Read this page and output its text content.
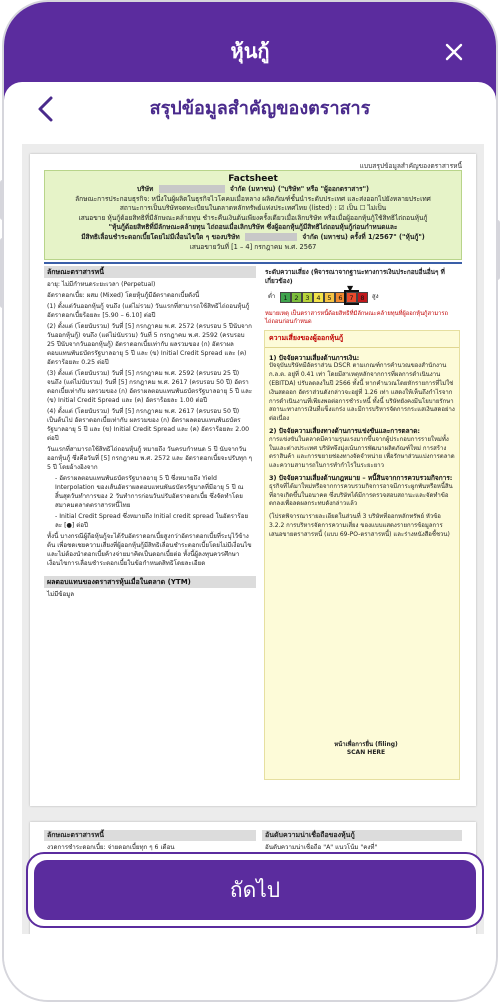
หุ้นกู้
สรุปข้อมูลสำคัญของตราสาร
แบบสรุปข้อมูลสำคัญของตราสารหนี้
Factsheet
บริษัท	จำกัด (มหาชน) ("บริษัท" หรือ "ผู้ออกตราสาร")
ลักษณะการประกอบธุรกิจ: หนึ่งในผู้ผลิตในธุรกิจไวโคคมเมื่อหลาง ผลิตภัณฑ์ชั้นนำระดับประเทศ และส่งออกไปยังหลายประเทศ
สถานะการเป็นบริษัทจดทะเบียนในตลาดหลักทรัพย์แห่งประเทศไทย (listed) : ☑ เป็น ☐ ไม่เป็น
เสนอขาย หุ้นกู้ด้อยสิทธิที่มีลักษณะคล้ายทุน ชำระคืนเงินต้นเพียงครั้งเดียวเมื่อเลิกบริษัท หรือเมื่อผู้ออกหุ้นกู้ใช้สิทธิไถ่ถอนหุ้นกู้
"หุ้นกู้ด้อยสิทธิที่มีลักษณะคล้ายทุน ไถ่ถอนเมื่อเลิกบริษัท ซึ่งผู้ออกหุ้นกู้มีสิทธิไถ่ถอนหุ้นกู้ก่อนกำหนดและ
มีสิทธิเลื่อนชำระดอกเบี้ยโดยไม่มีเงื่อนไขใด ๆ ของบริษัท	จำกัด (มหาชน) ครั้งที่ 1/2567" ("หุ้นกู้")
เสนอขายวันที่ [1 – 4] กรกฎาคม พ.ศ. 2567
ลักษณะตราสารหนี้

อายุ: ไม่มีกำหนดระยะเวลา (Perpetual)

อัตราดอกเบี้ย: ผสม (Mixed) โดยหุ้นกู้มีอัตราดอกเบี้ยดังนี้

(1) ตั้งแต่วันออกหุ้นกู้ จนถึง (แต่ไม่รวม) วันแรกที่สามารถใช้สิทธิไถ่ถอนหุ้นกู้ อัตราดอกเบี้ยร้อยละ [5.90 – 6.10] ต่อปี

(2) ตั้งแต่ (โดยนับรวม) วันที่ [5] กรกฎาคม พ.ศ. 2572 (ครบรอบ 5 ปีนับจากวันออกหุ้นกู้) จนถึง (แต่ไม่นับรวม) วันที่ 5 กรกฎาคม พ.ศ. 2592 (ครบรอบ 25 ปีนับจากวันออกหุ้นกู้) อัตราดอกเบี้ยเท่ากับ ผลรวมของ (ก) อัตราผลตอบแทนพันธบัตรรัฐบาลอายุ 5 ปี และ (ข) Initial Credit Spread และ (ค) อัตราร้อยละ 0.25 ต่อปี

(3) ตั้งแต่ (โดยนับรวม) วันที่ [5] กรกฎาคม พ.ศ. 2592 (ครบรอบ 25 ปี) จนถึง (แต่ไม่นับรวม) วันที่ [5] กรกฎาคม พ.ศ. 2617 (ครบรอบ 50 ปี) อัตราดอกเบี้ยเท่ากับ ผลรวมของ (ก) อัตราผลตอบแทนพันธบัตรรัฐบาลอายุ 5 ปี และ (ข) Initial Credit Spread และ (ค) อัตราร้อยละ 1.00 ต่อปี

(4) ตั้งแต่ (โดยนับรวม) วันที่ [5] กรกฎาคม พ.ศ. 2617 (ครบรอบ 50 ปี) เป็นต้นไป อัตราดอกเบี้ยเท่ากับ ผลรวมของ (ก) อัตราผลตอบแทนพันธบัตรรัฐบาลอายุ 5 ปี และ (ข) Initial Credit Spread และ (ค) อัตราร้อยละ 2.00 ต่อปี

วันแรกที่สามารถใช้สิทธิไถ่ถอนหุ้นกู้ หมายถึง วันครบกำหนด 5 ปี นับจากวันออกหุ้นกู้ ซึ่งคือวันที่ [5] กรกฎาคม พ.ศ. 2572 และ อัตราดอกเบี้ยจะปรับทุก ๆ 5 ปี โดยอ้างอิงจาก

- อัตราผลตอบแทนพันธบัตรรัฐบาลอายุ 5 ปี ซึ่งหมายถึง Yield Interpolation ของเส้นอัตราผลตอบแทนพันธบัตรรัฐบาลที่มีอายุ 5 ปี ณ สิ้นสุดวันทำการของ 2 วันทำการก่อนวันปรับอัตราดอกเบี้ย ซึ่งจัดทำโดยสมาคมตลาดตราสารหนี้ไทย

- Initial Credit Spread ซึ่งหมายถึง Initial credit spread ในอัตราร้อยละ [●] ต่อปี

ทั้งนี้ บางกรณีผู้ถือหุ้นกู้จะได้รับอัตราดอกเบี้ยสูงกว่าอัตราดอกเบี้ยที่ระบุไว้ข้างต้น เพื่อชดเชยความเสี่ยงที่ผู้ออกหุ้นกู้มีสิทธิเลื่อนชำระดอกเบี้ยโดยไม่มีเงื่อนไข และไม่ต้องนำดอกเบี้ยค้างจ่ายมาคิดเป็นดอกเบี้ยต่อ ทั้งนี้ผู้ลงทุนควรศึกษาเงื่อนไขการเลื่อนชำระดอกเบี้ยในข้อกำหนดสิทธิโดยละเอียด

ผลตอบแทนของตราสารหุ้นเมื่อในตลาด (YTM)
ไม่มีข้อมูล
ระดับความเสี่ยง (พิจารณาจากฐานะทางการเงินประกอบอื่นอื่นๆ ที่เกี่ยวข้อง)
ต่ำ	1	2	3	4	5	6	7	8
▼
สูง
หมายเหตุ เป็นตราสารหนี้ด้อยสิทธิที่มีลักษณะคล้ายทุนที่ผู้ออกหุ้นกู้สามารถไถ่ถอนก่อนกำหนด
ความเสี่ยงของผู้ออกหุ้นกู้
1) ปัจจัยความเสี่ยงด้านการเงิน:
ปัจจุบันบริษัทมีอัตราส่วน DSCR ตามเกณฑ์การคำนวณของสำนักงาน ก.ล.ต. อยู่ที่ 0.41 เท่า โดยมีสาเหตุหลักจากการที่ผลการดำเนินงาน (EBITDA) ปรับลดลงในปี 2566 ทั้งนี้ หากคำนวณโดยหักรายการที่ไม่ใช่เงินสดออก อัตราส่วนดังกล่าวจะอยู่ที่ 1.26 เท่า แสดงให้เห็นถึงกำไรจากการดำเนินงานที่เพียงพอต่อการชำระหนี้ ทั้งนี้ บริษัทยังคงมีนโยบายรักษาสถานะทางการเงินที่แข็งแกร่ง และมีการบริหารจัดการกระแสเงินสดอย่างต่อเนื่อง
2) ปัจจัยความเสี่ยงทางด้านการแข่งขันและการตลาด:
การแข่งขันในตลาดมีความรุนแรงมากขึ้นจากผู้ประกอบการรายใหม่ทั้งในและต่างประเทศ บริษัทจึงมุ่งเน้นการพัฒนาผลิตภัณฑ์ใหม่ การสร้างตราสินค้า และการขยายช่องทางจัดจำหน่าย เพื่อรักษาส่วนแบ่งการตลาดและความสามารถในการทำกำไรในระยะยาว
3) ปัจจัยความเสี่ยงด้านกฎหมาย – หนี้สินจากการควบรวมกิจการ:
ธุรกิจที่ได้มาใหม่หรือจากการควบรวมกิจการอาจมีภาระผูกพันหรือหนี้สินที่อาจเกิดขึ้นในอนาคต ซึ่งบริษัทได้มีการตรวจสอบสถานะและจัดทำข้อตกลงเพื่อลดผลกระทบดังกล่าวแล้ว
(โปรดพิจารณารายละเอียดในส่วนที่ 3 บริษัทที่ออกหลักทรัพย์ หัวข้อ 3.2.2 การบริหารจัดการความเสี่ยง ของแบบแสดงรายการข้อมูลการเสนอขายตราสารหนี้ (แบบ 69-PO-ตราสารหนี้) และร่างหนังสือชี้ชวน)
หน้าเพื่อการยื่น (filing)
SCAN HERE
ลักษณะตราสารหนี้

งวดการชำระดอกเบี้ย: จ่ายดอกเบี้ยทุก ๆ 6 เดือน

อันดับความน่าเชื่อถือของหุ้นกู้

อันดับความน่าเชื่อถือ "A" แนวโน้ม "คงที่"

ถัดไป
